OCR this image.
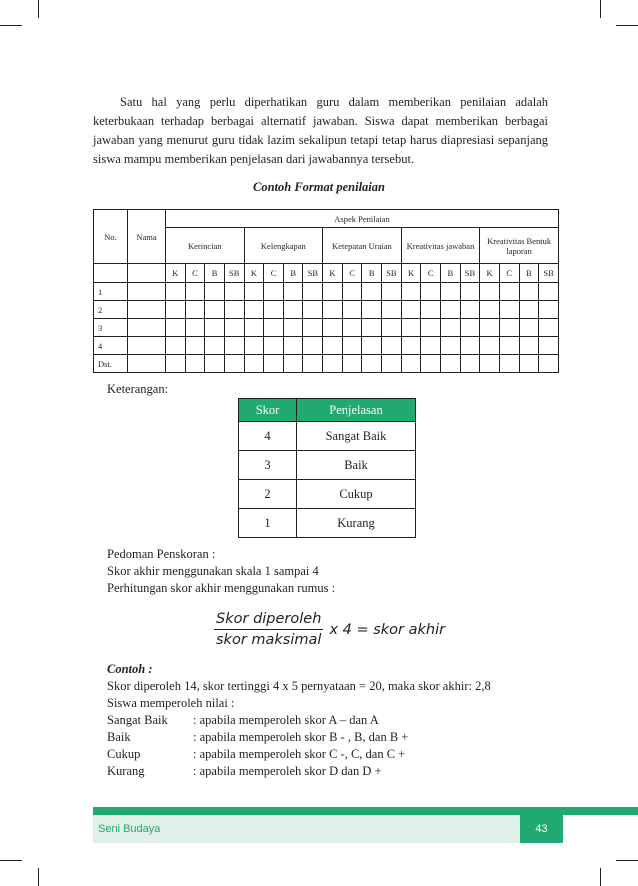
Satu hal yang perlu diperhatikan guru dalam memberikan penilaian adalah keterbukaan terhadap berbagai alternatif jawaban. Siswa dapat memberikan berbagai jawaban yang menurut guru tidak lazim sekalipun tetapi tetap harus diapresiasi sepanjang siswa mampu memberikan penjelasan dari jawabannya tersebut.

Contoh Format penilaian
No.	Nama	Aspek Penilaian																			
		Kerincian				Kelengkapan				Ketepatan Uraian				Kreativitas jawaban				Kreativitas Bentuk laporan			
		K	C	B	SB	K	C	B	SB	K	C	B	SB	K	C	B	SB	K	C	B	SB
1																					
2																					
3																					
4																					
Dst.																					
Keterangan:
Skor	Penjelasan
4	Sangat Baik
3	Baik
2	Cukup
1	Kurang
Pedoman Penskoran :
Skor akhir menggunakan skala 1 sampai 4
Perhitungan skor akhir menggunakan rumus :
$\frac{\text{Skor diperoleh}}{\text{skor maksimal}}$ x 4 = skor akhir
Contoh :
Skor diperoleh 14, skor tertinggi 4 x 5 pernyataan = 20, maka skor akhir: 2,8
Siswa memperoleh nilai :
Sangat Baik	: apabila memperoleh skor A – dan A
Baik	: apabila memperoleh skor B - , B, dan B +
Cukup	: apabila memperoleh skor C -, C, dan C +
Kurang	: apabila memperoleh skor D dan D +
Seni Budaya	43
